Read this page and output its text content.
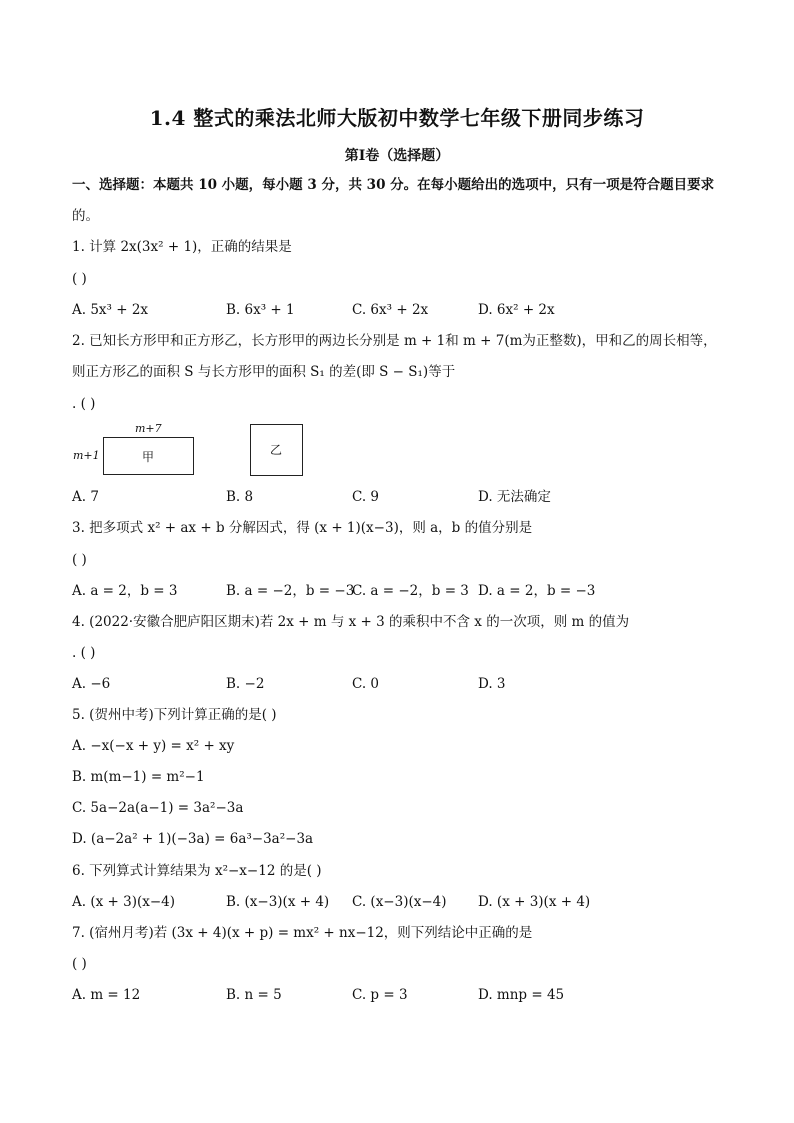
1.4 整式的乘法北师大版初中数学七年级下册同步练习
第Ⅰ卷（选择题）
一、选择题：本题共 10 小题，每小题 3 分，共 30 分。在每小题给出的选项中，只有一项是符合题目要求
的。
1. 计算 2x(3x² + 1)，正确的结果是
( )
A. 5x³ + 2x	B. 6x³ + 1	C. 6x³ + 2x	D. 6x² + 2x
2. 已知长方形甲和正方形乙，长方形甲的两边长分别是 m + 1和 m + 7(m为正整数)，甲和乙的周长相等，
则正方形乙的面积 S 与长方形甲的面积 S₁ 的差(即 S − S₁)等于
. ( )
m+7
m+1	甲	乙
A. 7	B. 8	C. 9	D. 无法确定
3. 把多项式 x² + ax + b 分解因式，得 (x + 1)(x−3)，则 a，b 的值分别是
( )
A. a = 2，b = 3	B. a = −2，b = −3
C. a = −2，b = 3 D. a = 2，b = −3
4. (2022·安徽合肥庐阳区期末)若 2x + m 与 x + 3 的乘积中不含 x 的一次项，则 m 的值为
. ( )
A. −6	B. −2	C. 0	D. 3
5. (贺州中考)下列计算正确的是( )
A. −x(−x + y) = x² + xy
B. m(m−1) = m²−1
C. 5a−2a(a−1) = 3a²−3a
D. (a−2a² + 1)(−3a) = 6a³−3a²−3a
6. 下列算式计算结果为 x²−x−12 的是( )
A. (x + 3)(x−4)	B. (x−3)(x + 4) C. (x−3)(x−4) D. (x + 3)(x + 4)
7. (宿州月考)若 (3x + 4)(x + p) = mx² + nx−12，则下列结论中正确的是
( )
A. m = 12	B. n = 5	C. p = 3	D. mnp = 45
